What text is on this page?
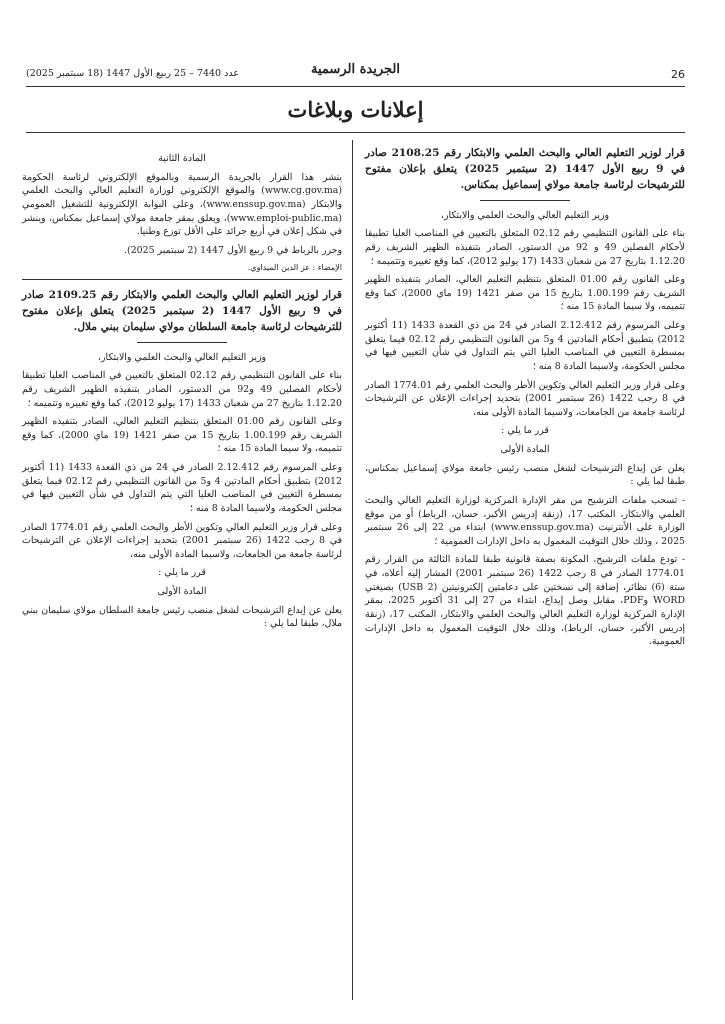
26
الجريدة الرسمية
عدد 7440 – 25 ربيع الأول 1447 (18 سبتمبر 2025)
إعلانات وبلاغات

قرار لوزير التعليم العالي والبحث العلمي والابتكار رقم 2108.25 صادر في 9 ربيع الأول 1447 (2 سبتمبر 2025) يتعلق بإعلان مفتوح للترشيحات لرئاسة جامعة مولاي إسماعيل بمكناس.

وزير التعليم العالي والبحث العلمي والابتكار،

بناء على القانون التنظيمي رقم 02.12 المتعلق بالتعيين في المناصب العليا تطبيقا لأحكام الفصلين 49 و 92 من الدستور، الصادر بتنفيذه الظهير الشريف رقم 1.12.20 بتاريخ 27 من شعبان 1433 (17 يوليو 2012)، كما وقع تغييره وتتميمه ؛

وعلى القانون رقم 01.00 المتعلق بتنظيم التعليم العالي، الصادر بتنفيذه الظهير الشريف رقم 1.00.199 بتاريخ 15 من صفر 1421 (19 ماي 2000)، كما وقع تتميمه، ولا سيما المادة 15 منه ؛

وعلى المرسوم رقم 2.12.412 الصادر في 24 من ذي القعدة 1433 (11 أكتوبر 2012) بتطبيق أحكام المادتين 4 و5 من القانون التنظيمي رقم 02.12 فيما يتعلق بمسطرة التعيين في المناصب العليا التي يتم التداول في شأن التعيين فيها في مجلس الحكومة، ولاسيما المادة 8 منه ؛

وعلى قرار وزير التعليم العالي وتكوين الأطر والبحث العلمي رقم 1774.01 الصادر في 8 رجب 1422 (26 سبتمبر 2001) بتحديد إجراءات الإعلان عن الترشيحات لرئاسة جامعة من الجامعات، ولاسيما المادة الأولى منه،

قرر ما يلي :

المادة الأولى

يعلن عن إيداع الترشيحات لشغل منصب رئيس جامعة مولاي إسماعيل بمكناس، طبقا لما يلي :

- تسحب ملفات الترشيح من مقر الإدارة المركزية لوزارة التعليم العالي والبحث العلمي والابتكار، المكتب 17، (زنقة إدريس الأكبر، حسان، الرباط) أو من موقع الوزارة على الأنترنيت (www.enssup.gov.ma) ابتداء من 22 إلى 26 سبتمبر 2025 ، وذلك خلال التوقيت المعمول به داخل الإدارات العمومية ؛

- تودع ملفات الترشيح، المكونة بصفة قانونية طبقا للمادة الثالثة من القرار رقم 1774.01 الصادر في 8 رجب 1422 (26 سبتمبر 2001) المشار إليه أعلاه، في ستة (6) نظائر، إضافة إلى نسختين على دعامتين إلكترونيتين (2 USB) بصيغتي WORD وPDF، مقابل وصل إيداع، ابتداء من 27 إلى 31 أكتوبر 2025، بمقر الإدارة المركزية لوزارة التعليم العالي والبحث العلمي والابتكار، المكتب 17، (زنقة إدريس الأكبر، حسان، الرباط)، وذلك خلال التوقيت المعمول به داخل الإدارات العمومية.

المادة الثانية

ينشر هذا القرار بالجريدة الرسمية وبالموقع الإلكتروني لرئاسة الحكومة (www.cg.gov.ma) والموقع الإلكتروني لوزارة التعليم العالي والبحث العلمي والابتكار (www.enssup.gov.ma)، وعلى البوابة الإلكترونية للتشغيل العمومي (www.emploi-public.ma)، ويعلق بمقر جامعة مولاي إسماعيل بمكناس، وينشر في شكل إعلان في أربع جرائد على الأقل توزع وطنيا.

وحرر بالرباط في 9 ربيع الأول 1447 (2 سبتمبر 2025).

الإمضاء : عز الدين الميداوي.

قرار لوزير التعليم العالي والبحث العلمي والابتكار رقم 2109.25 صادر في 9 ربيع الأول 1447 (2 سبتمبر 2025) يتعلق بإعلان مفتوح للترشيحات لرئاسة جامعة السلطان مولاي سليمان ببني ملال.

وزير التعليم العالي والبحث العلمي والابتكار،

بناء على القانون التنظيمي رقم 02.12 المتعلق بالتعيين في المناصب العليا تطبيقا لأحكام الفصلين 49 و92 من الدستور، الصادر بتنفيذه الظهير الشريف رقم 1.12.20 بتاريخ 27 من شعبان 1433 (17 يوليو 2012)، كما وقع تغييره وتتميمه ؛

وعلى القانون رقم 01.00 المتعلق بتنظيم التعليم العالي، الصادر بتنفيذه الظهير الشريف رقم 1.00.199 بتاريخ 15 من صفر 1421 (19 ماي 2000)، كما وقع تتميمه، ولا سيما المادة 15 منه ؛

وعلى المرسوم رقم 2.12.412 الصادر في 24 من ذي القعدة 1433 (11 أكتوبر 2012) بتطبيق أحكام المادتين 4 و5 من القانون التنظيمي رقم 02.12 فيما يتعلق بمسطرة التعيين في المناصب العليا التي يتم التداول في شأن التعيين فيها في مجلس الحكومة، ولاسيما المادة 8 منه ؛

وعلى قرار وزير التعليم العالي وتكوين الأطر والبحث العلمي رقم 1774.01 الصادر في 8 رجب 1422 (26 سبتمبر 2001) بتحديد إجراءات الإعلان عن الترشيحات لرئاسة جامعة من الجامعات، ولاسيما المادة الأولى منه،

قرر ما يلي :

المادة الأولى

يعلن عن إيداع الترشيحات لشغل منصب رئيس جامعة السلطان مولاي سليمان ببني ملال، طبقا لما يلي :
